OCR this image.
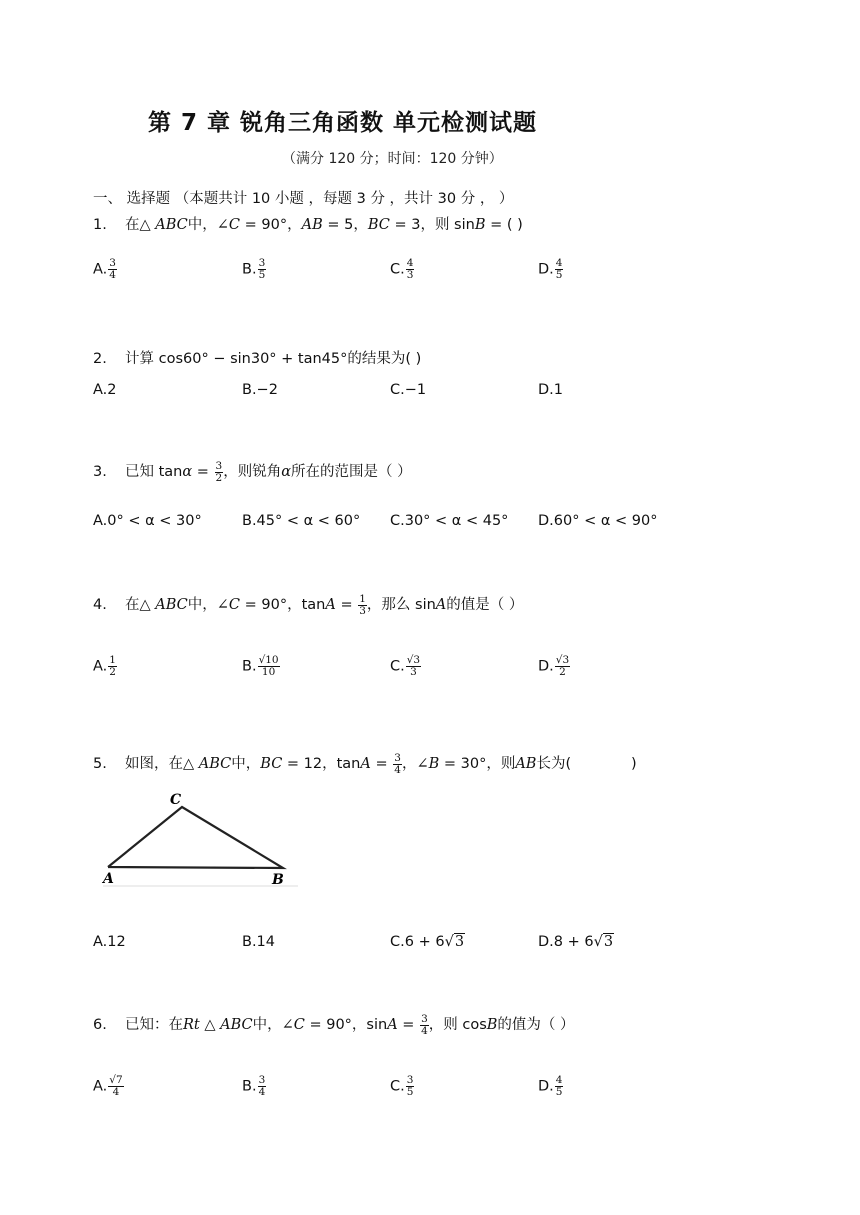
第 7 章 锐角三角函数 单元检测试题
（满分 120 分；时间：120 分钟）
一、 选择题 （本题共计 10 小题 ，每题 3 分 ，共计 30 分 ， ）
1. 在△ ABC中，∠C = 90°，AB = 5，BC = 3，则 sinB = ( )
A. $\frac{3}{4}$	B. $\frac{3}{5}$	C. $\frac{4}{3}$	D. $\frac{4}{5}$
2. 计算 cos60° − sin30° + tan45°的结果为( )
A.2	B.−2	C.−1	D.1
3. 已知 $\tan\alpha = \frac{3}{2}$ ，则锐角α所在的范围是（ ）
A.0° < α < 30°	B.45° < α < 60° C.30° < α < 45° D.60° < α < 90°
4. 在△ ABC中，∠C = 90°，$\tan A = \frac{1}{3}$ ，那么 sinA的值是（ ）
A. $\frac{1}{2}$	B. $\frac{√10}{10}$	C. $\frac{√3}{3}$	D. $\frac{√3}{2}$
5. 如图，在△ ABC中，BC = 12，$\tan A = \frac{3}{4}$ ，∠B = 30°，则AB长为(             )
C
A	B
A.12	B.14	C.6 + 6√3	D.8 + 6√3
6. 已知：在Rt △ ABC中，∠C = 90°，$\sin A = \frac{3}{4}$ ，则 cosB的值为（ ）
A. $\frac{√7}{4}$	B. $\frac{3}{4}$	C. $\frac{3}{5}$	D. $\frac{4}{5}$
